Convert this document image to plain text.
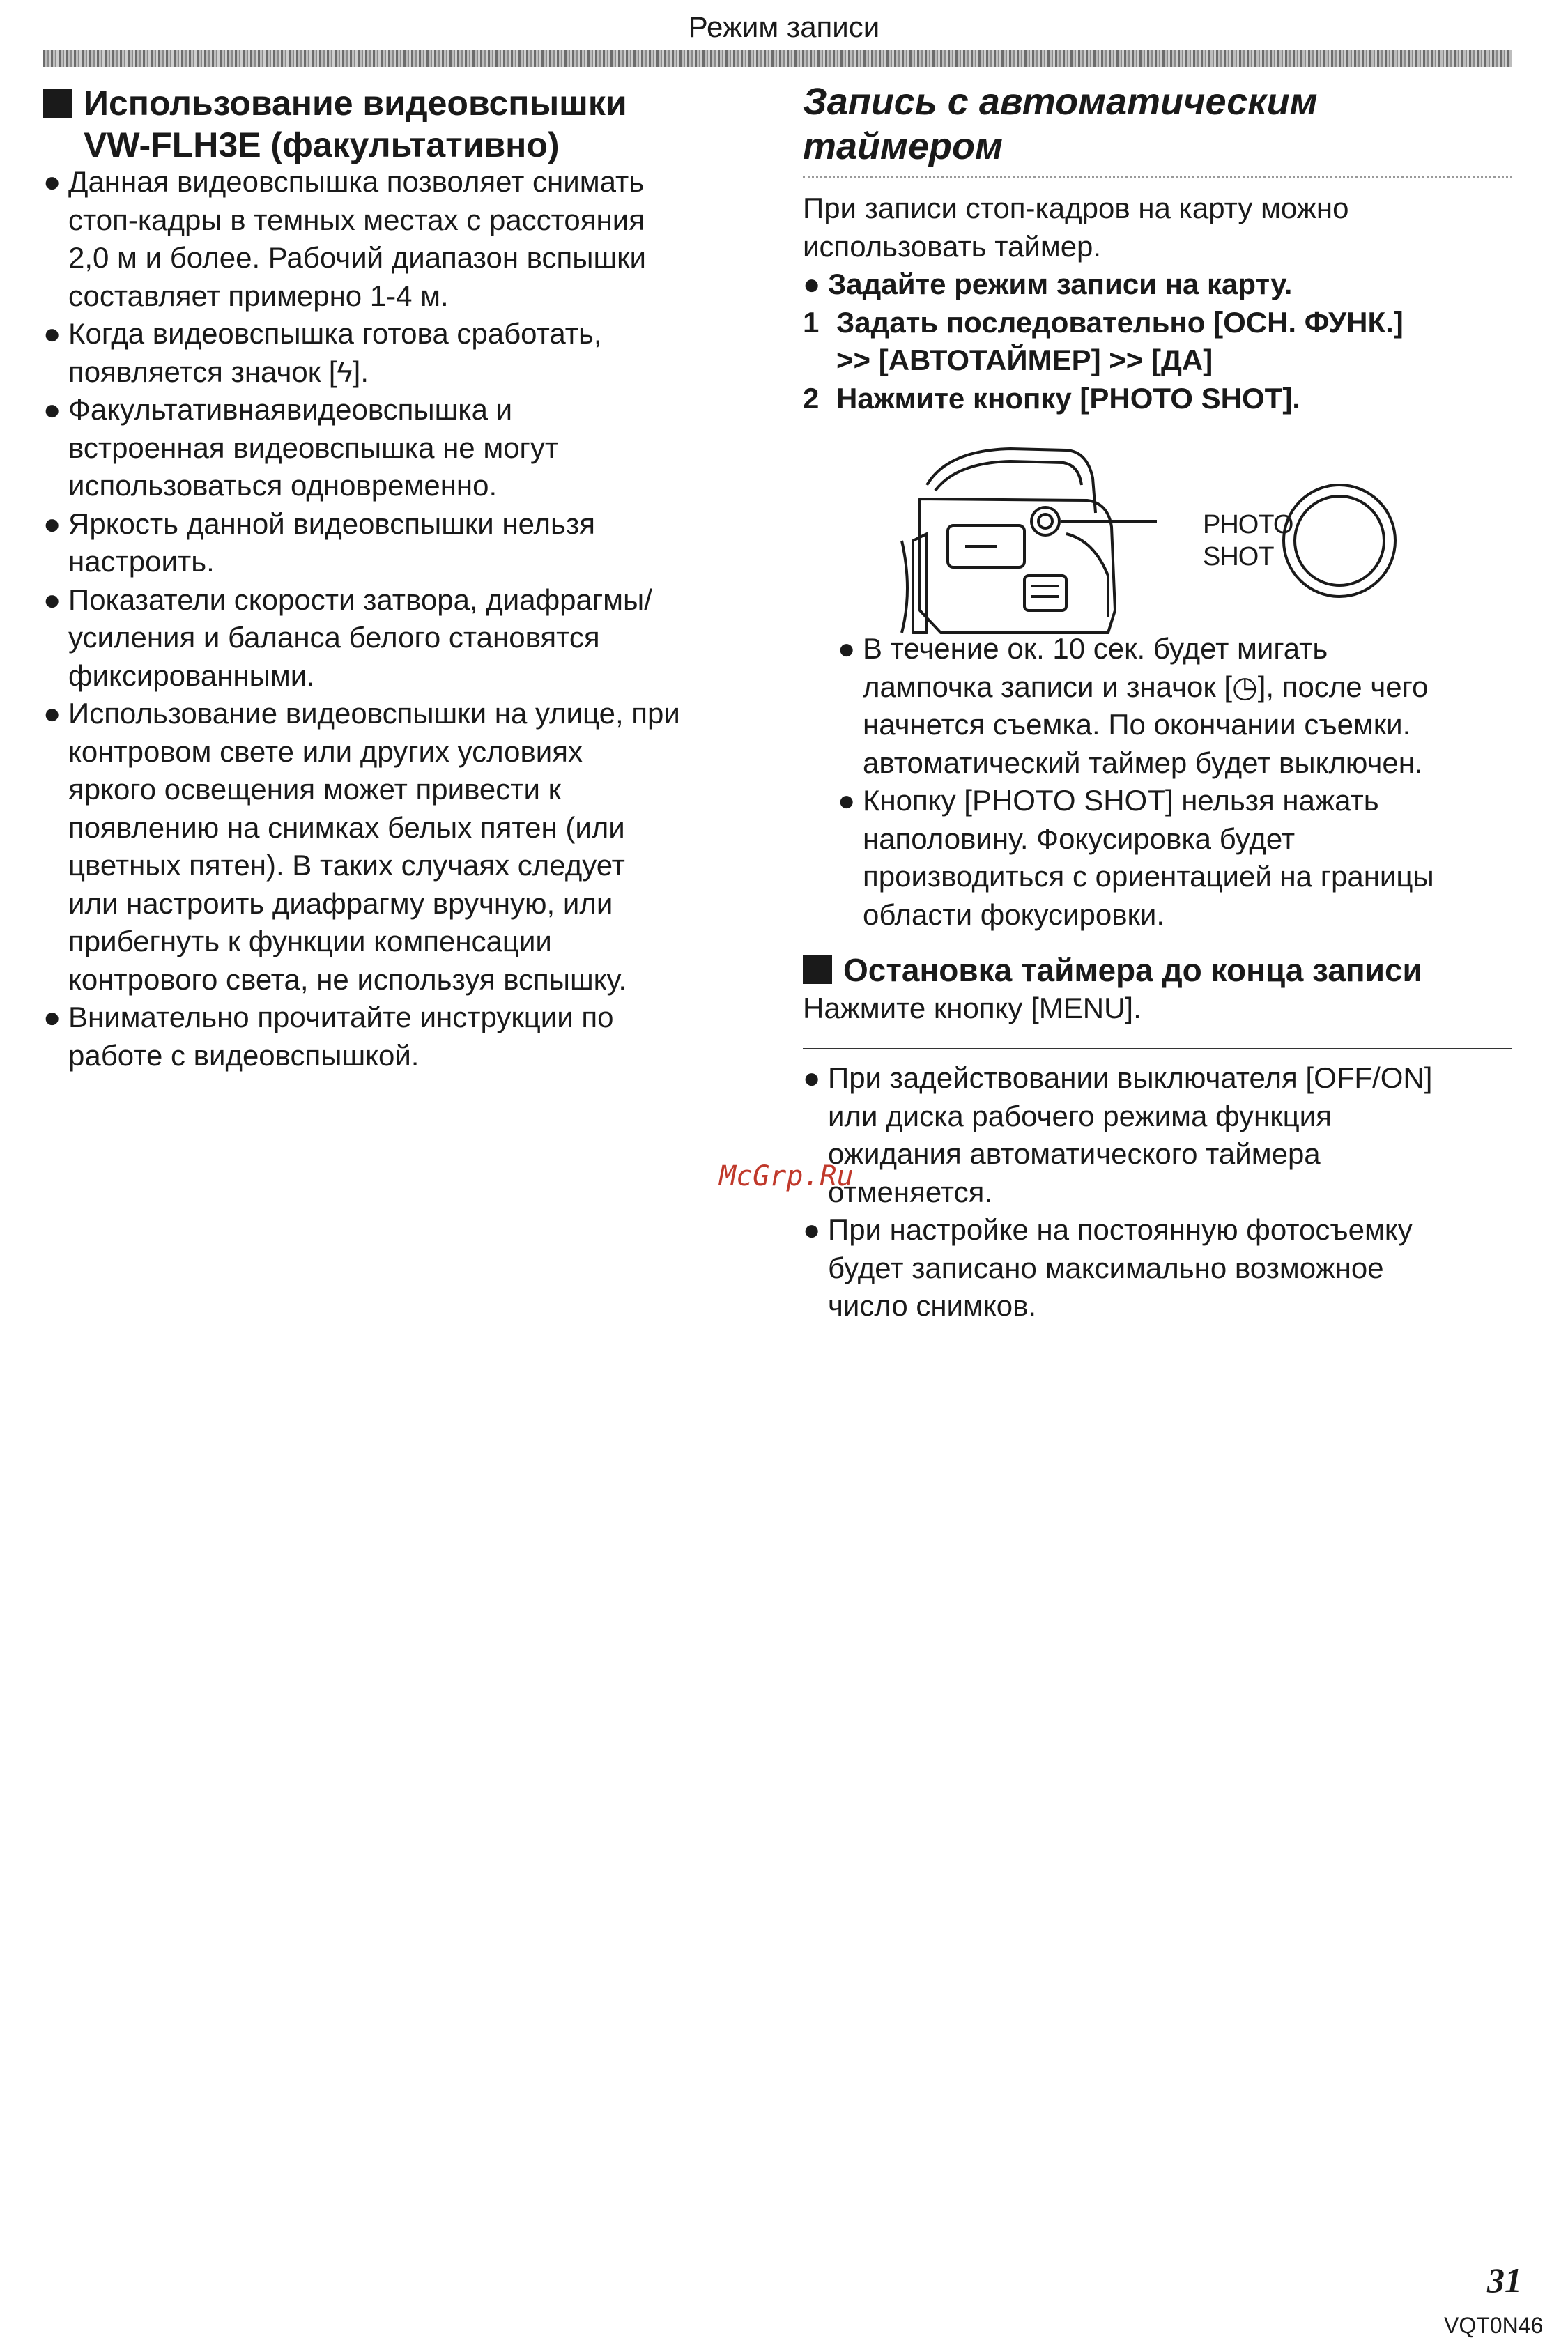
Режим записи
Использование видеовспышки
VW-FLH3E (факультативно)
● Данная видеовспышка позволяет снимать
стоп-кадры в темных местах с расстояния
2,0 м и более. Рабочий диапазон вспышки
составляет примерно 1-4 м.
● Когда видеовспышка готова сработать,
появляется значок [ϟ].
● Факультативнаявидеовспышка и
встроенная видеовспышка не могут
использоваться одновременно.
● Яркость данной видеовспышки нельзя
настроить.
● Показатели скорости затвора, диафрагмы/
усиления и баланса белого становятся
фиксированными.
● Использование видеовспышки на улице, при
контровом свете или других условиях
яркого освещения может привести к
появлению на снимках белых пятен (или
цветных пятен). В таких случаях следует
или настроить диафрагму вручную, или
прибегнуть к функции компенсации
контрового света, не используя вспышку.
● Внимательно прочитайте инструкции по
работе с видеовспышкой.
Запись с автоматическим
таймером
При записи стоп-кадров на карту можно
использовать таймер.

● Задайте режим записи на карту.
1 Задать последовательно [ОСН. ФУНК.]
>> [АВТОТАЙМЕР] >> [ДА]
2 Нажмите кнопку [PHOTO SHOT].
PHOTO
SHOT
● В течение ок. 10 сек. будет мигать
лампочка записи и значок [◷], после чего
начнется съемка. По окончании съемки.
автоматический таймер будет выключен.
● Кнопку [PHOTO SHOT] нельзя нажать
наполовину. Фокусировка будет
производиться с ориентацией на границы
области фокусировки.
Остановка таймера до конца записи
Нажмите кнопку [MENU].
● При задействовании выключателя [OFF/ON]
или диска рабочего режима функция
ожидания автоматического таймера
отменяется.
● При настройке на постоянную фотосъемку
будет записано максимально возможное
число снимков.
McGrp.Ru
31
VQT0N46
